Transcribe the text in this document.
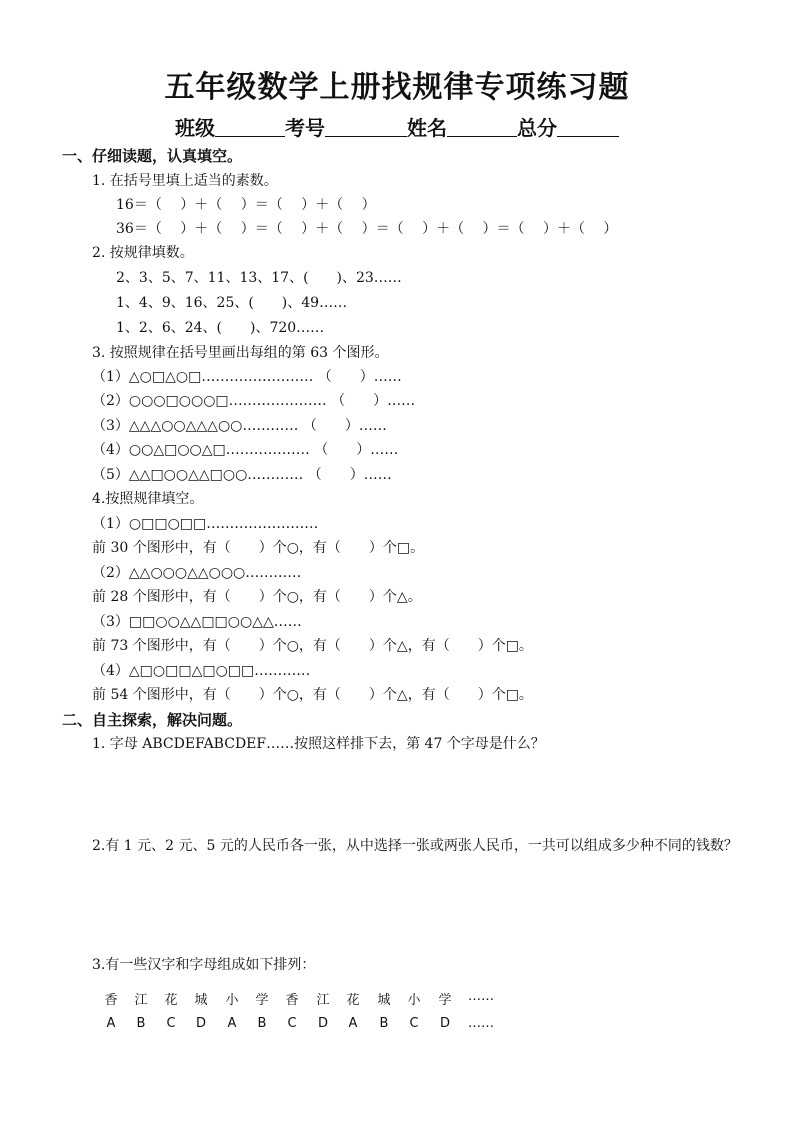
五年级数学上册找规律专项练习题
班级	考号	姓名	总分
一、仔细读题，认真填空。
1. 在括号里填上适当的素数。
16＝（　 ）＋（　 ）＝（　 ）＋（　 ）
36＝（　 ）＋（　 ）＝（　 ）＋（　 ）＝（　 ）＋（　 ）＝（　 ）＋（　 ）
2. 按规律填数。
2、3、5、7、11、13、17、(　　)、23……
1、4、9、16、25、(　　)、49……
1、2、6、24、(　　)、720……
3. 按照规律在括号里画出每组的第 63 个图形。
（1）△○□△○□…………………… （　　）……
（2）○○○□○○○□………………… （　　）……
（3）△△△○○△△△○○………… （　　）……
（4）○○△□○○△□……………… （　　）……
（5）△△□○○△△□○○………… （　　）……
4.按照规律填空。
（1）○□□○□□……………………
前 30 个图形中，有（　　）个○，有（　　）个□。
（2）△△○○○△△○○○…………
前 28 个图形中，有（　　）个○，有（　　）个△。
（3）□□○○△△□□○○△△……
前 73 个图形中，有（　　）个○，有（　　）个△，有（　　）个□。
（4）△□○□□△□○□□…………
前 54 个图形中，有（　　）个○，有（　　）个△，有（　　）个□。
二、自主探索，解决问题。
1. 字母 ABCDEFABCDEF……按照这样排下去，第 47 个字母是什么？
2.有 1 元、2 元、5 元的人民币各一张，从中选择一张或两张人民币，一共可以组成多少种不同的钱数？
3.有一些汉字和字母组成如下排列：
香	江	花	城	小	学	香	江	花	城	小	学	……
A	B	C	D	A	B	C	D	A	B	C	D	……
